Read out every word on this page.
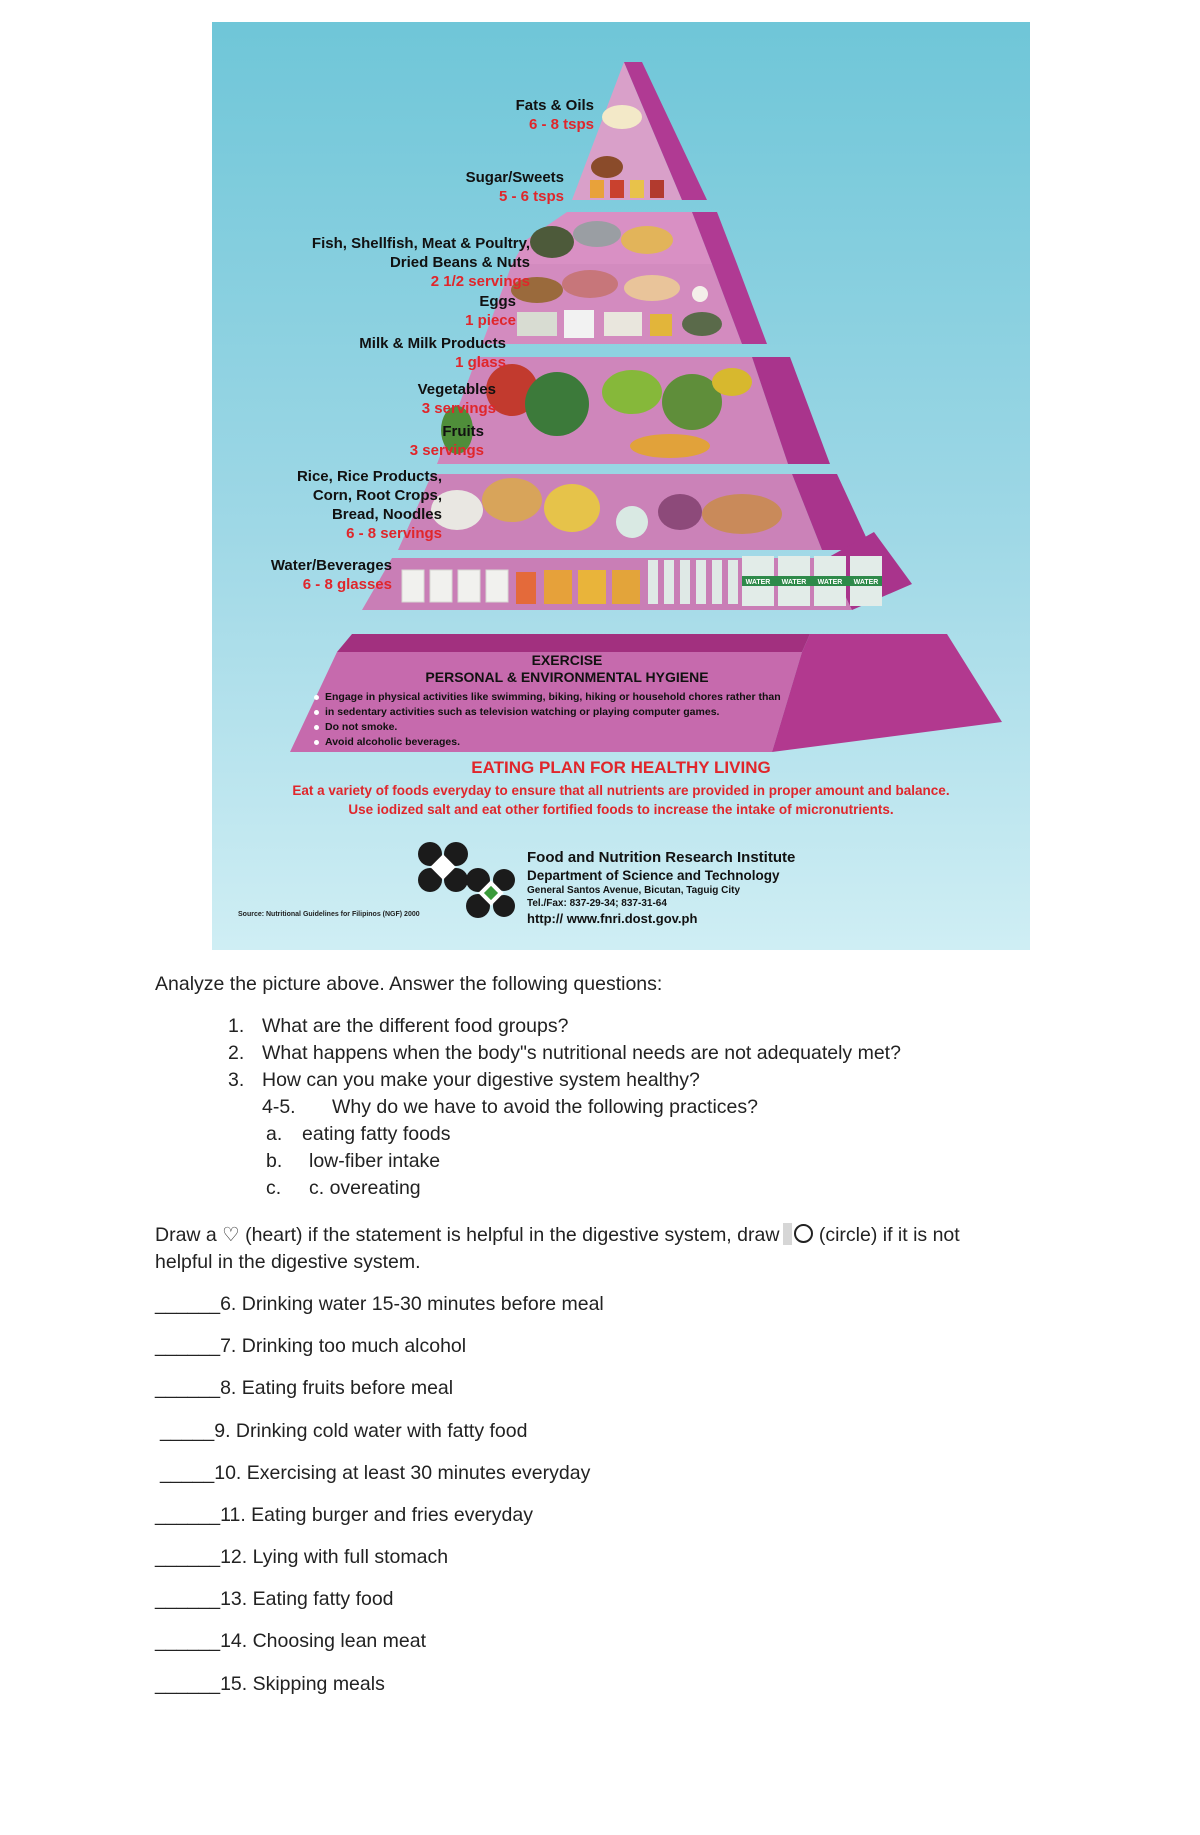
WATER WATER WATER WATER
Fats & Oils
6 - 8 tsps
Sugar/Sweets
5 - 6 tsps
Fish, Shellfish, Meat & Poultry,
Dried Beans & Nuts
2 1/2 servings
Eggs
1 piece
Milk & Milk Products
1 glass
Vegetables
3 servings
Fruits
3 servings
Rice, Rice Products,
Corn, Root Crops,
Bread, Noodles
6 - 8 servings
Water/Beverages
6 - 8 glasses
EXERCISE
PERSONAL & ENVIRONMENTAL HYGIENE
Engage in physical activities like swimming, biking, hiking or household chores rather than
in sedentary activities such as television watching or playing computer games.
Do not smoke.
Avoid alcoholic beverages.
EATING PLAN FOR HEALTHY LIVING
Eat a variety of foods everyday to ensure that all nutrients are provided in proper amount and balance.
Use iodized salt and eat other fortified foods to increase the intake of micronutrients.
Food and Nutrition Research Institute
Department of Science and Technology
General Santos Avenue, Bicutan, Taguig City
Tel./Fax: 837-29-34; 837-31-64
http:// www.fnri.dost.gov.ph
Source: Nutritional Guidelines for Filipinos (NGF) 2000
Analyze the picture above. Answer the following questions:
1. What are the different food groups?
2. What happens when the body"s nutritional needs are not adequately met?
3. How can you make your digestive system healthy?
4-5. Why do we have to avoid the following practices?
a. eating fatty foods
b. low-fiber intake
c. c. overeating
Draw a ♡ (heart) if the statement is helpful in the digestive system, draw (circle) if it is not
helpful in the digestive system.
______6. Drinking water 15-30 minutes before meal
______7. Drinking too much alcohol
______8. Eating fruits before meal
_____9. Drinking cold water with fatty food
_____10. Exercising at least 30 minutes everyday
______11. Eating burger and fries everyday
______12. Lying with full stomach
______13. Eating fatty food
______14. Choosing lean meat
______15. Skipping meals
